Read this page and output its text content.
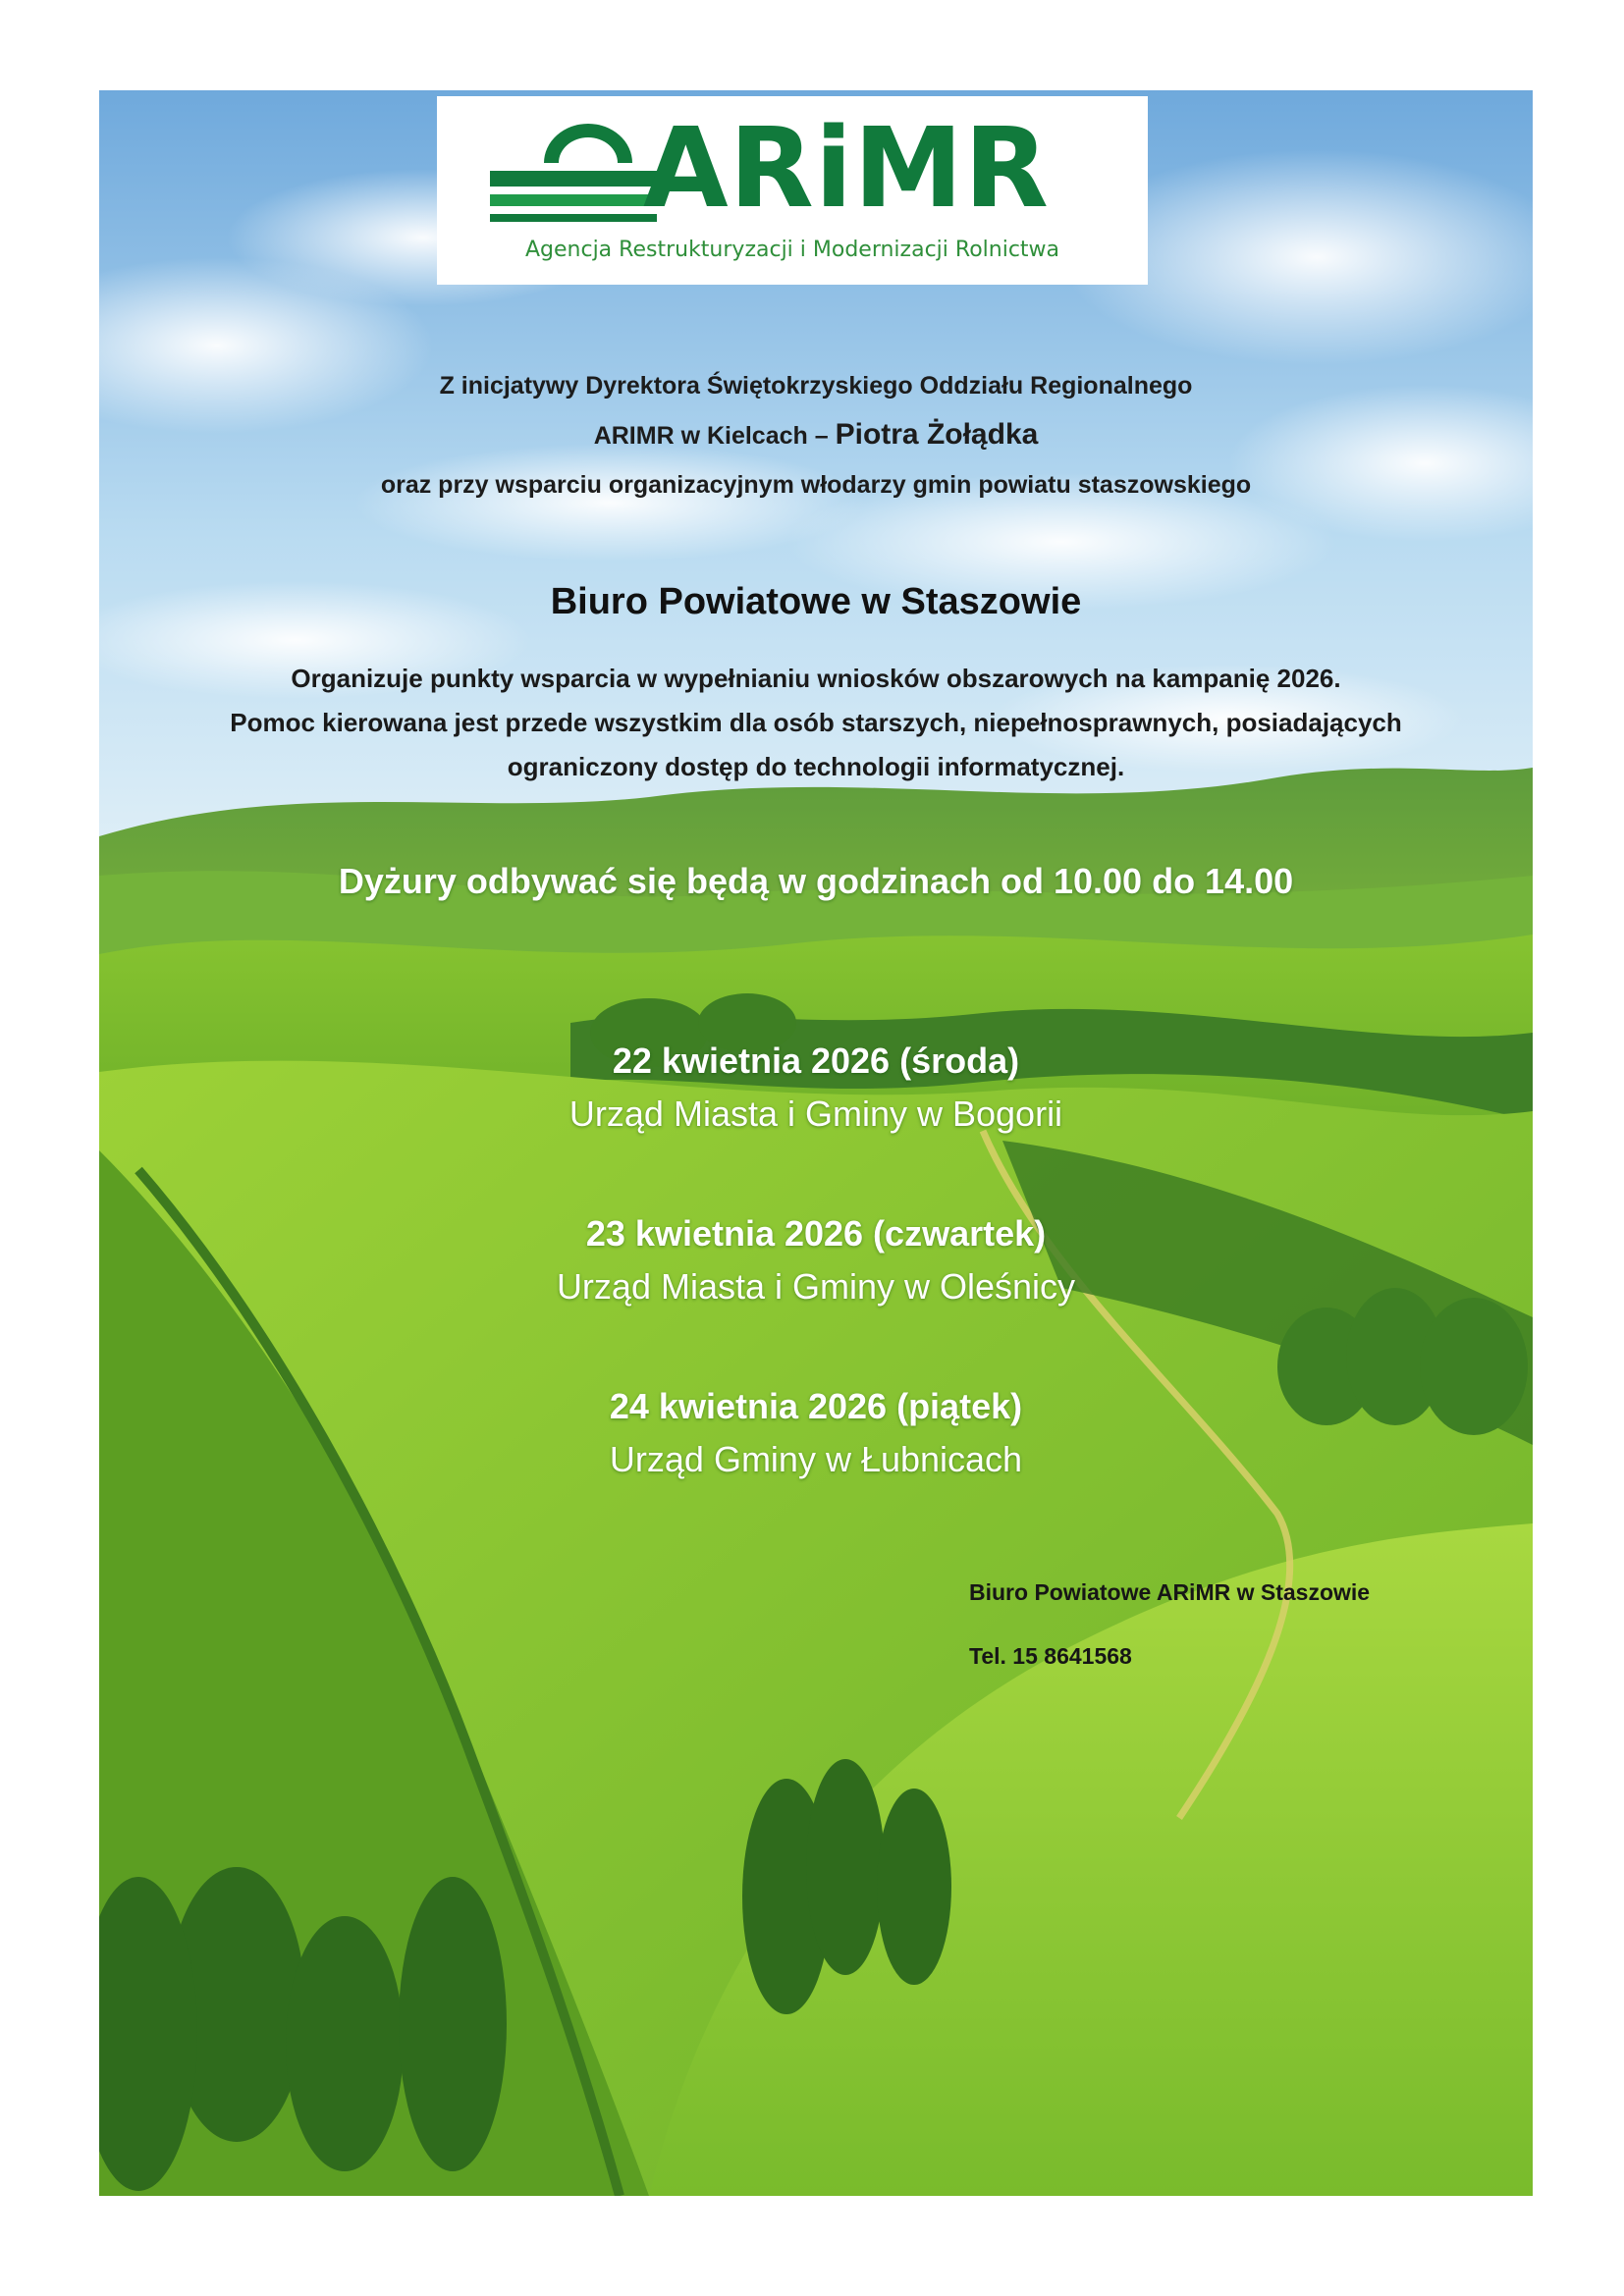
ARiMR
Agencja Restrukturyzacji i Modernizacji Rolnictwa
Z inicjatywy Dyrektora Świętokrzyskiego Oddziału Regionalnego
ARIMR w Kielcach – Piotra Żołądka
oraz przy wsparciu organizacyjnym włodarzy gmin powiatu staszowskiego
Biuro Powiatowe w Staszowie
Organizuje punkty wsparcia w wypełnianiu wniosków obszarowych na kampanię 2026.
Pomoc kierowana jest przede wszystkim dla osób starszych, niepełnosprawnych, posiadających
ograniczony dostęp do technologii informatycznej.
Dyżury odbywać się będą w godzinach od 10.00 do 14.00
22 kwietnia 2026 (środa)
Urząd Miasta i Gminy w Bogorii
23 kwietnia 2026 (czwartek)
Urząd Miasta i Gminy w Oleśnicy
24 kwietnia 2026 (piątek)
Urząd Gminy w Łubnicach
Biuro Powiatowe ARiMR w Staszowie
Tel. 15 8641568
